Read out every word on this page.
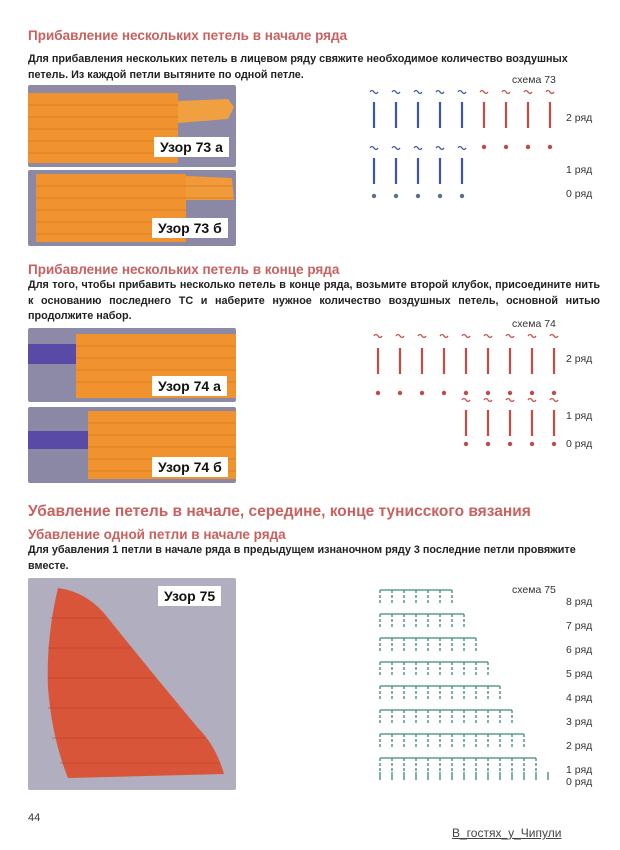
Прибавление нескольких петель в начале ряда
Для прибавления нескольких петель в лицевом ряду свяжите необходимое количество воздушных петель. Из каждой петли вытяните по одной петле.
Узор 73 а
Узор 73 б
схема 73
2 ряд
1 ряд
0 ряд
Прибавление нескольких петель в конце ряда
Для того, чтобы прибавить несколько петель в конце ряда, возьмите второй клубок, присоедините нить к основанию последнего ТС и наберите нужное количество воздушных петель, основной нитью продолжите набор.
Узор 74 а
Узор 74 б
схема 74
2 ряд
1 ряд
0 ряд
Убавление петель в начале, середине, конце тунисского вязания
Убавление одной петли в начале ряда
Для убавления 1 петли в начале ряда в предыдущем изнаночном ряду 3 последние петли провяжите вместе.
Узор 75	схема 75
8 ряд
7 ряд
6 ряд
5 ряд
4 ряд
3 ряд
2 ряд
1 ряд
0 ряд
44
В_гостях_у_Чипули
